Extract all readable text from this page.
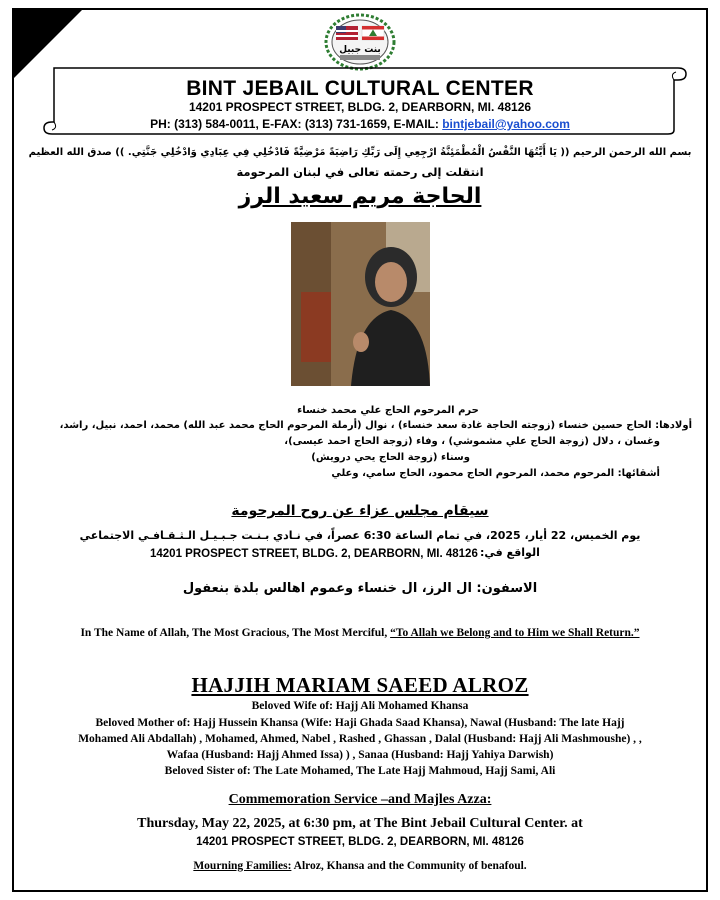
بنت جبيل
BINT JEBAIL CULTURAL CENTER
14201 PROSPECT STREET, BLDG. 2, DEARBORN, MI. 48126
PH: (313) 584-0011, E-FAX: (313) 731-1659, E-MAIL: bintjebail@yahoo.com
بسم الله الرحمن الرحيم (( يَا أَيَّتُهَا النَّفْسُ الْمُطْمَئِنَّةُ ارْجِعِي إِلَى رَبِّكِ رَاضِيَةً مَرْضِيَّةً فَادْخُلِي فِي عِبَادِي وَادْخُلِي جَنَّتِي. )) صدق الله العظيم
انتقلت إلى رحمته تعالى في لبنان المرحومة
الحاجة مريم سعيد الرز
حرم المرحوم الحاج علي محمد خنساء
أولادها: الحاج حسين خنساء (زوجته الحاجة غادة سعد خنساء) ، نوال (أرملة المرحوم الحاج محمد عبد الله) محمد، احمد، نبيل، راشد،
وغسان ، دلال (زوجة الحاج علي مشموشي) ، وفاء (زوجة الحاج احمد عيسى)،
وسناء (زوجة الحاج يحي درويش)
أشقائها: المرحوم محمد، المرحوم الحاج محمود، الحاج سامي، وعلي
سيقام مجلس عزاء عن روح المرحومة
يوم الخميس، 22 أيار، 2025، في تمام الساعة 6:30 عصراً، في نـادي بـنـت جـبـيـل الـثـقـافـي الاجتماعي
الواقع في:
14201 PROSPECT STREET, BLDG. 2, DEARBORN, MI. 48126
الاسفون: ال الرز، ال خنساء وعموم اهالس بلدة بنعفول
In The Name of Allah, The Most Gracious, The Most Merciful, “To Allah we Belong and to Him we Shall Return.”
HAJJIH MARIAM SAEED ALROZ
Beloved Wife of: Hajj Ali Mohamed Khansa
Beloved Mother of: Hajj Hussein Khansa (Wife: Haji Ghada Saad Khansa), Nawal (Husband: The late Hajj
Mohamed Ali Abdallah) , Mohamed, Ahmed, Nabel , Rashed , Ghassan , Dalal (Husband: Hajj Ali Mashmoushe) , ,
Wafaa (Husband: Hajj Ahmed Issa) ) , Sanaa (Husband: Hajj Yahiya Darwish)
Beloved Sister of: The Late Mohamed, The Late Hajj Mahmoud, Hajj Sami, Ali
Commemoration Service –and Majles Azza:
Thursday, May 22, 2025, at 6:30 pm, at The Bint Jebail Cultural Center. at
14201 PROSPECT STREET, BLDG. 2, DEARBORN, MI. 48126
Mourning Families: Alroz, Khansa and the Community of benafoul.
